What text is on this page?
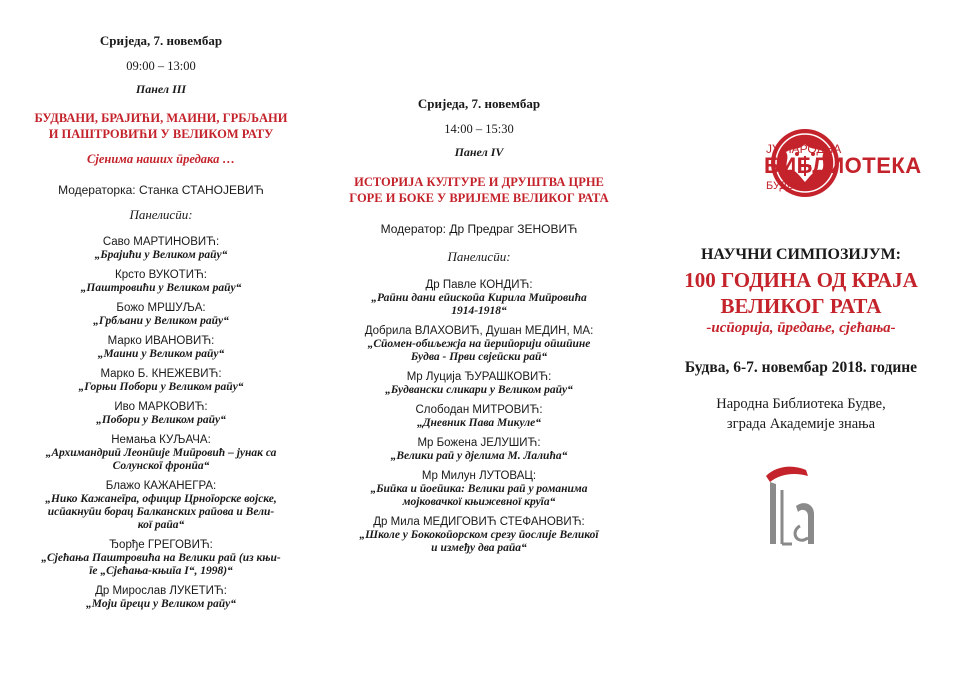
Сриједа, 7. новембар
09:00 – 13:00
Панел III
БУДВАНИ, БРАЈИЋИ, МАИНИ, ГРБЉАНИ
И ПАШТРОВИЋИ У ВЕЛИКОМ РАТУ
Сјенима наших ӣредака …
Модераторка: Станка СТАНОЈЕВИЋ
Панелисӣи:
Саво МАРТИНОВИЋ:
„Брајићи у Великом раӣу“
Крсто ВУКОТИЋ:
„Паштровићи у Великом раӣу“
Божо МРШУЉА:
„Грбљани у Великом раӣу“
Марко ИВАНОВИЋ:
„Маини у Великом раӣу“
Марко Б. КНЕЖЕВИЋ:
„Горњи Побори у Великом раӣу“
Иво МАРКОВИЋ:
„Побори у Великом раӣу“
Немања КУЉАЧА:
„Архимандриӣ Леонӣије Миӣровић – јунак са
Солунскоī фронӣа“
Блажо КАЖАНЕГРА:
„Нико Кажанеīра, официр Црноīорске војске,
исӣакнуӣи борац Балканских раӣова и Вели-
кої раӣа“
Ђорђе ГРЕГОВИЋ:
„Сјећања Паштровића на Велики раӣ (из књи-
īе „Сјећања-књиīа I“, 1998)“
Др Мирослав ЛУКЕТИЋ:
„Моји ӣреци у Великом раӣу“
Сриједа, 7. новембар
14:00 – 15:30
Панел IV
ИСТОРИЈА КУЛТУРЕ И ДРУШТВА ЦРНЕ
ГОРЕ И БОКЕ У ВРИЈЕМЕ ВЕЛИКОГ РАТА
Модератор: Др Предраг ЗЕНОВИЋ
Панелисӣи:
Др Павле КОНДИЋ:
„Раӣни дани еӣискоӣа Кирила Миӣровића
1914-1918“
Добрила ВЛАХОВИЋ, Душан МЕДИН, МА:
„Сӣомен-обиљежја на ӣериӣорији оӣшӣине
Будва - Први свјеӣски раӣ“
Мр Луција ЂУРАШКОВИЋ:
„Будвански сликари у Великом раӣу“
Слободан МИТРОВИЋ:
„Дневник Пава Микуле“
Мр Божена ЈЕЛУШИЋ:
„Велики раӣ у дјелима М. Лалића“
Мр Милун ЛУТОВАЦ:
„Биӣка и ӣоеӣика: Велики раӣ у романима
мојковачкої књижевної круīа“
Др Мила МЕДИГОВИЋ СТЕФАНОВИЋ:
„Школе у Бококоӣорском срезу ӣослије Великоī
и између два раӣа“
ЈУ НАРОДНА
БИБЛИОТЕКА
БУДВЕ
НАУЧНИ СИМПОЗИЈУМ:
100 ГОДИНА ОД КРАЈА
ВЕЛИКОГ РАТА
-исӣорија, ӣредање, сјећања-
Будва, 6-7. новембар 2018. године
Народна Библиотека Будве,
зграда Академије знања
